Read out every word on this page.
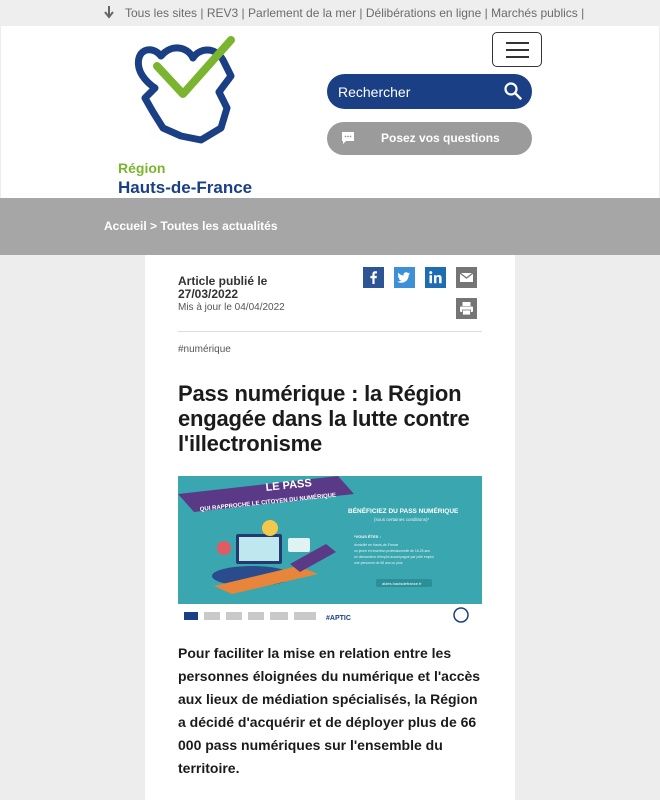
Tous les sites | REV3 | Parlement de la mer | Délibérations en ligne | Marchés publics |
Région
Hauts-de-France
Rechercher
Posez vos questions
Accueil > Toutes les actualités
Article publié le
27/03/2022
Mis à jour le 04/04/2022
#numérique
Pass numérique : la Région engagée dans la lutte contre l'illectronisme
LE PASS
QUI RAPPROCHE LE CITOYEN DU NUMÉRIQUE BÉNÉFICIEZ DU PASS NUMÉRIQUE
(sous certaines conditions)*
*VOUS ÊTES :
domicilié en Hauts-de-France
un jeune en insertion professionnelle de 16-25 ans
un demandeur d'emploi accompagné par pôle emploi
une personne de 65 ans ou plus
aides.hautsdefrance.fr
#APTIC

Pour faciliter la mise en relation entre les personnes éloignées du numérique et l'accès aux lieux de médiation spécialisés, la Région a décidé d'acquérir et de déployer plus de 66 000 pass numériques sur l'ensemble du territoire.
